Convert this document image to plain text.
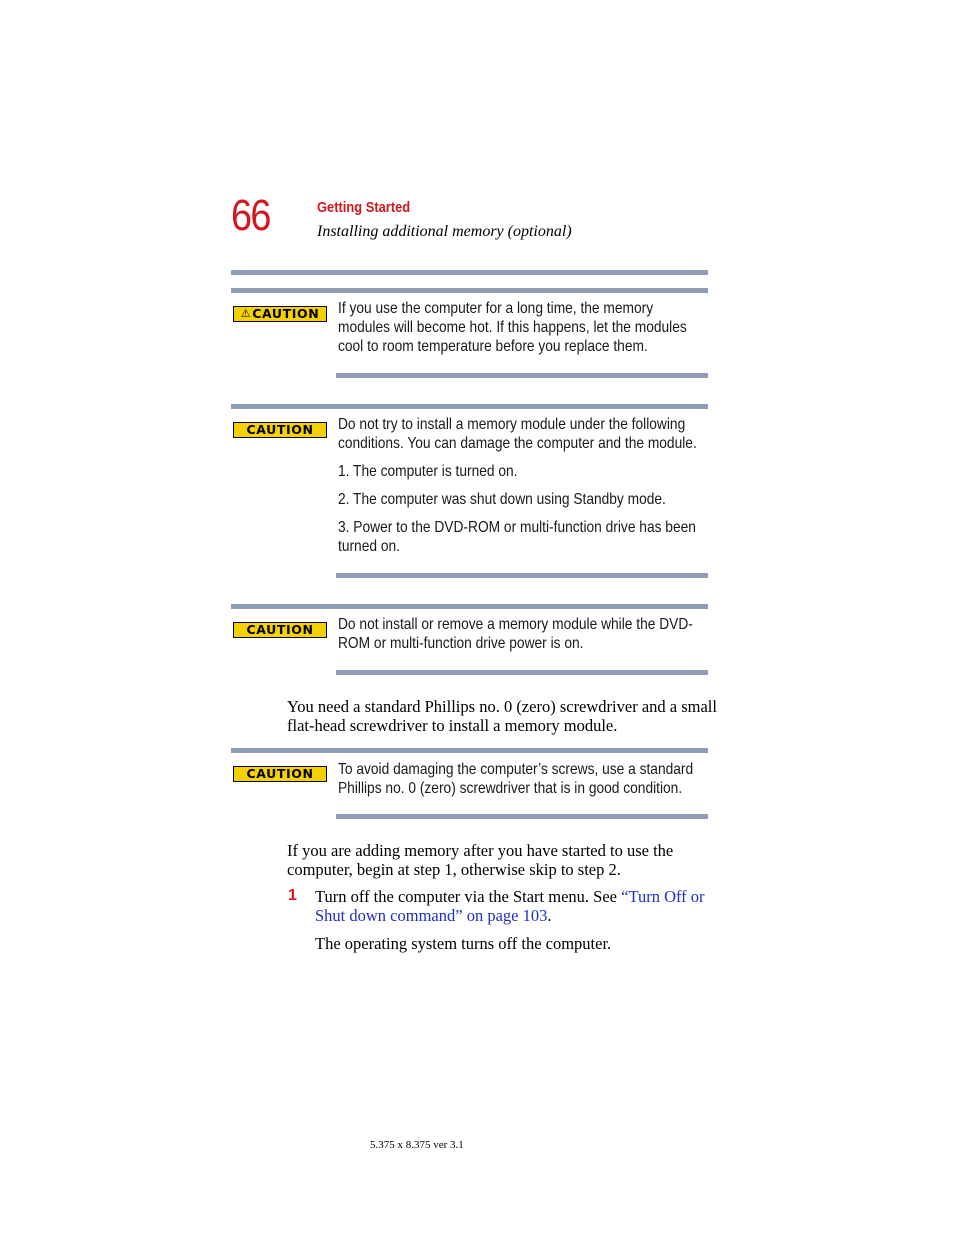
66	Getting Started
Installing additional memory (optional)
⚠ CAUTION If you use the computer for a long time, the memory modules will become hot. If this happens, let the modules cool to room temperature before you replace them.

CAUTION Do not try to install a memory module under the following conditions. You can damage the computer and the module.

1. The computer is turned on.

2. The computer was shut down using Standby mode.

3. Power to the DVD-ROM or multi-function drive has been turned on.

CAUTION Do not install or remove a memory module while the DVD-ROM or multi-function drive power is on.

You need a standard Phillips no. 0 (zero) screwdriver and a small flat-head screwdriver to install a memory module.

CAUTION To avoid damaging the computer’s screws, use a standard Phillips no. 0 (zero) screwdriver that is in good condition.

If you are adding memory after you have started to use the computer, begin at step 1, otherwise skip to step 2.

1 Turn off the computer via the Start menu. See “Turn Off or Shut down command” on page 103.
The operating system turns off the computer.
5.375 x 8.375 ver 3.1
